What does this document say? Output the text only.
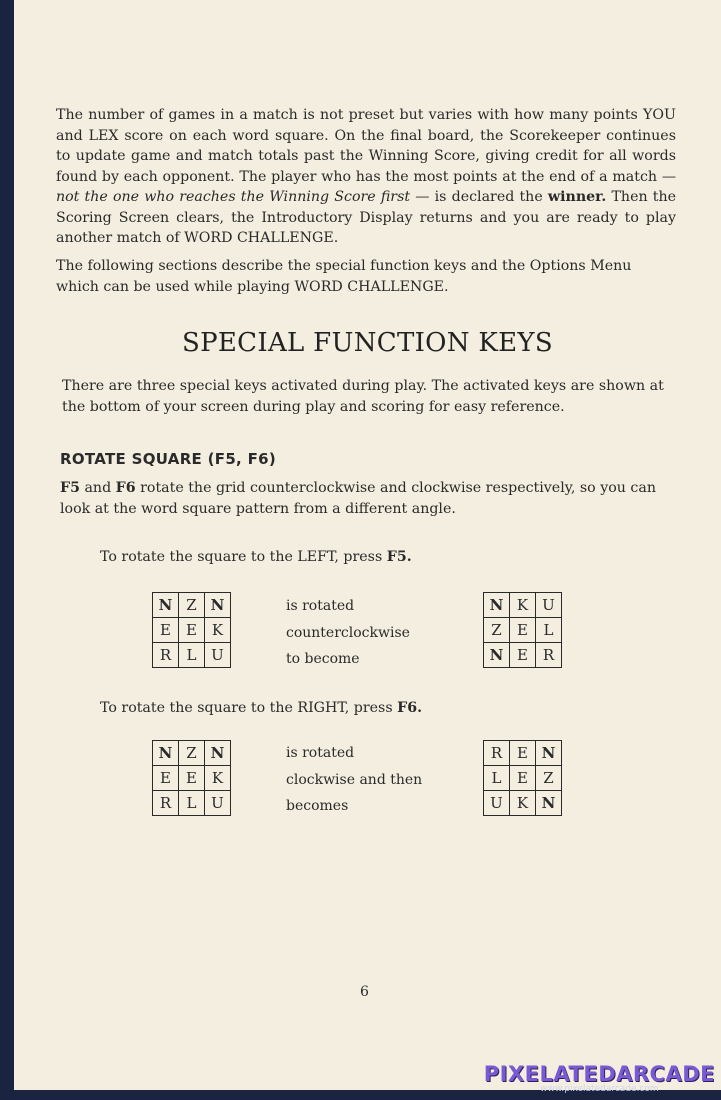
The number of games in a match is not preset but varies with how many points YOU and LEX score on each word square. On the final board, the Scorekeeper continues to update game and match totals past the Winning Score, giving credit for all words found by each opponent. The player who has the most points at the end of a match — not the one who reaches the Winning Score first — is declared the winner. Then the Scoring Screen clears, the Introductory Display returns and you are ready to play another match of WORD CHALLENGE.
The following sections describe the special function keys and the Options Menu which can be used while playing WORD CHALLENGE.
SPECIAL FUNCTION KEYS
There are three special keys activated during play. The activated keys are shown at the bottom of your screen during play and scoring for easy reference.
ROTATE SQUARE (F5, F6)
F5 and F6 rotate the grid counterclockwise and clockwise respectively, so you can look at the word square pattern from a different angle.
To rotate the square to the LEFT, press F5.
N	Z	N
E	E	K
R	L	U
is rotated
counterclockwise
to become
N	K	U
Z	E	L
N	E	R
To rotate the square to the RIGHT, press F6.
N	Z	N
E	E	K
R	L	U
is rotated
clockwise and then
becomes
R	E	N
L	E	Z
U	K	N
6
PIXELATEDARCADE
www.pixelatedarcade.com
